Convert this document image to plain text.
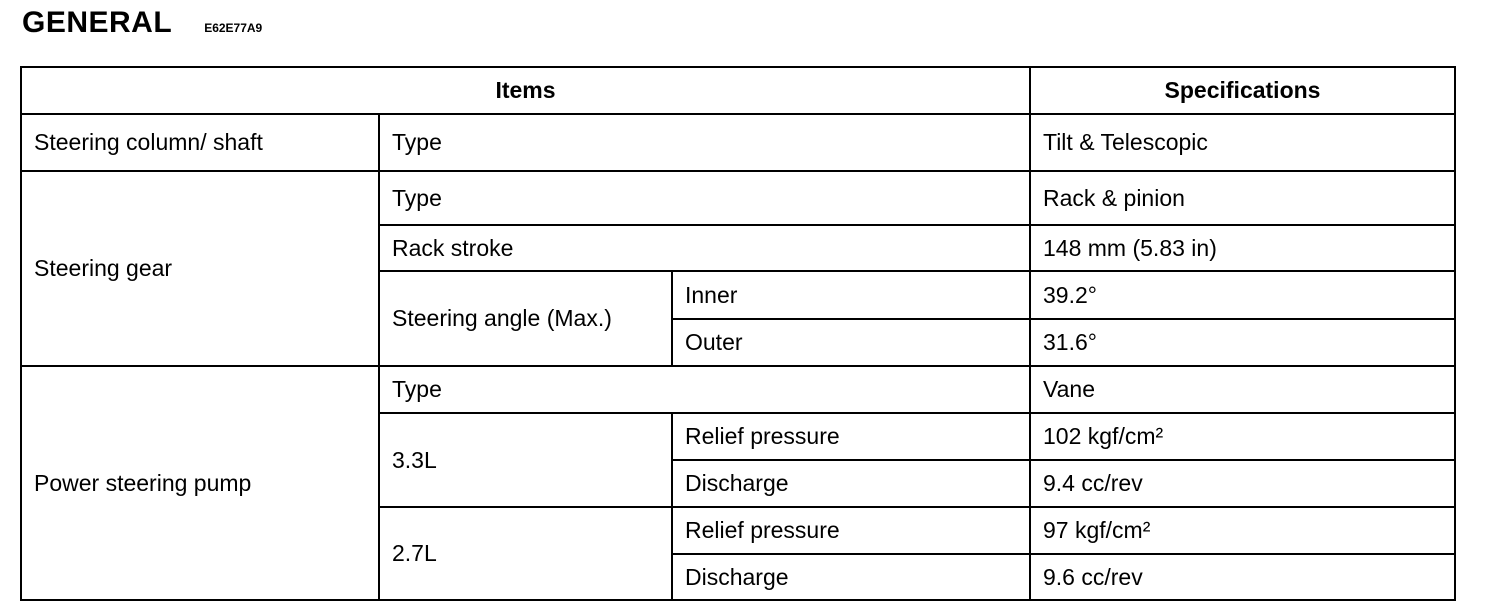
GENERAL	E62E77A9
Items			Specifications
Steering column/ shaft	Type		Tilt & Telescopic
Steering gear	Type		Rack & pinion
	Rack stroke		148 mm (5.83 in)
	Steering angle (Max.)	Inner	39.2°
		Outer	31.6°
Power steering pump	Type		Vane
	3.3L	Relief pressure	102 kgf/cm²
		Discharge	9.4 cc/rev
	2.7L	Relief pressure	97 kgf/cm²
		Discharge	9.6 cc/rev
